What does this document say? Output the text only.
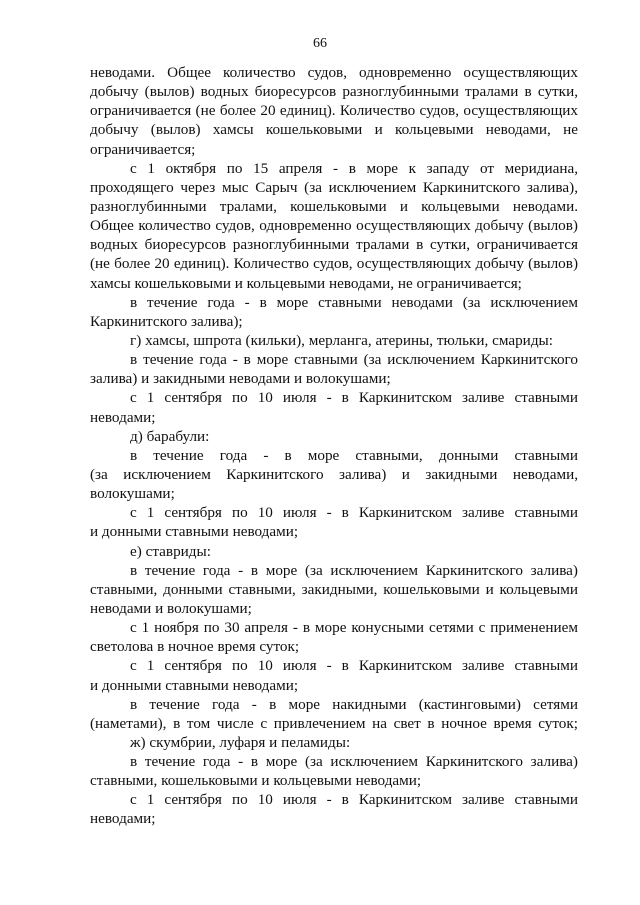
66
неводами. Общее количество судов, одновременно осуществляющих
добычу (вылов) водных биоресурсов разноглубинными тралами в сутки,
ограничивается (не более 20 единиц). Количество судов, осуществляющих
добычу (вылов) хамсы кошельковыми и кольцевыми неводами, не
ограничивается;
с 1 октября по 15 апреля - в море к западу от меридиана,
проходящего через мыс Сарыч (за исключением Каркинитского залива),
разноглубинными тралами, кошельковыми и кольцевыми неводами.
Общее количество судов, одновременно осуществляющих добычу (вылов)
водных биоресурсов разноглубинными тралами в сутки, ограничивается
(не более 20 единиц). Количество судов, осуществляющих добычу (вылов)
хамсы кошельковыми и кольцевыми неводами, не ограничивается;
в течение года - в море ставными неводами (за исключением
Каркинитского залива);
г) хамсы, шпрота (кильки), мерланга, атерины, тюльки, смариды:
в течение года - в море ставными (за исключением Каркинитского
залива) и закидными неводами и волокушами;
с 1 сентября по 10 июля - в Каркинитском заливе ставными
неводами;
д) барабули:
в течение года - в море ставными, донными ставными
(за исключением Каркинитского залива) и закидными неводами,
волокушами;
с 1 сентября по 10 июля - в Каркинитском заливе ставными
и донными ставными неводами;
е) ставриды:
в течение года - в море (за исключением Каркинитского залива)
ставными, донными ставными, закидными, кошельковыми и кольцевыми
неводами и волокушами;
с 1 ноября по 30 апреля - в море конусными сетями с применением
светолова в ночное время суток;
с 1 сентября по 10 июля - в Каркинитском заливе ставными
и донными ставными неводами;
в течение года - в море накидными (кастинговыми) сетями
(наметами), в том числе с привлечением на свет в ночное время суток;
ж) скумбрии, луфаря и пеламиды:
в течение года - в море (за исключением Каркинитского залива)
ставными, кошельковыми и кольцевыми неводами;
с 1 сентября по 10 июля - в Каркинитском заливе ставными
неводами;
